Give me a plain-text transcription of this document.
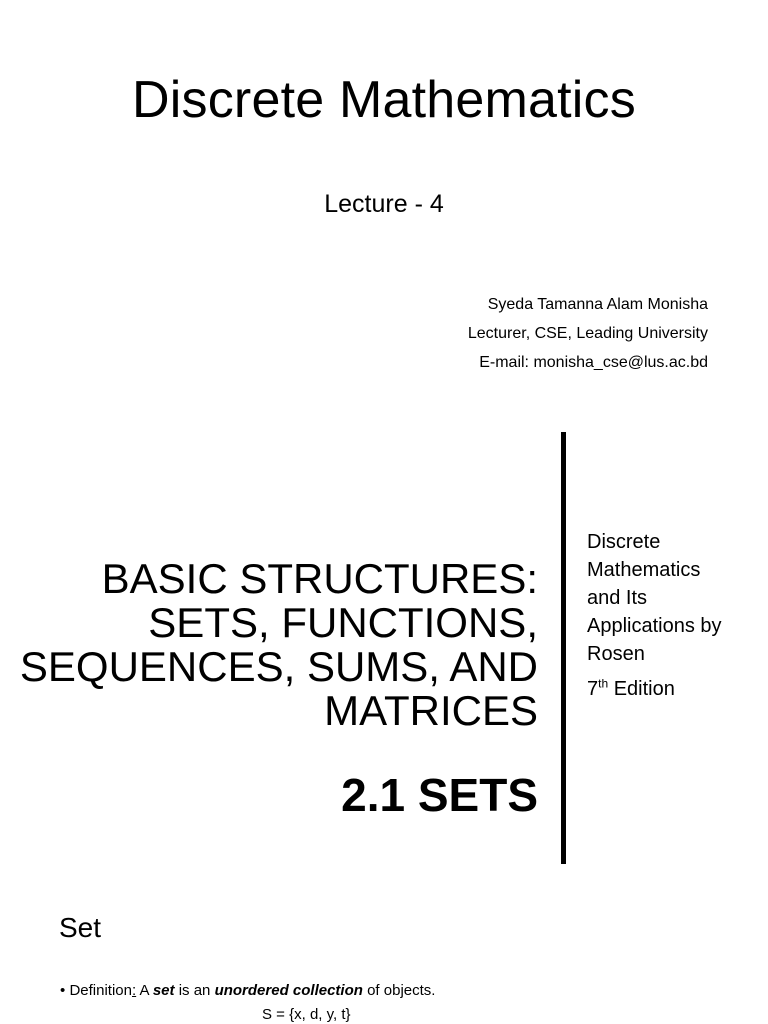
Discrete Mathematics
Lecture - 4
Syeda Tamanna Alam Monisha
Lecturer, CSE, Leading University
E-mail: monisha_cse@lus.ac.bd
BASIC STRUCTURES: SETS, FUNCTIONS, SEQUENCES, SUMS, AND MATRICES
2.1 SETS
Discrete
Mathematics
and Its
Applications by
Rosen
7th Edition
Set
• Definition: A set is an unordered collection of objects.
S = {x, d, y, t}
